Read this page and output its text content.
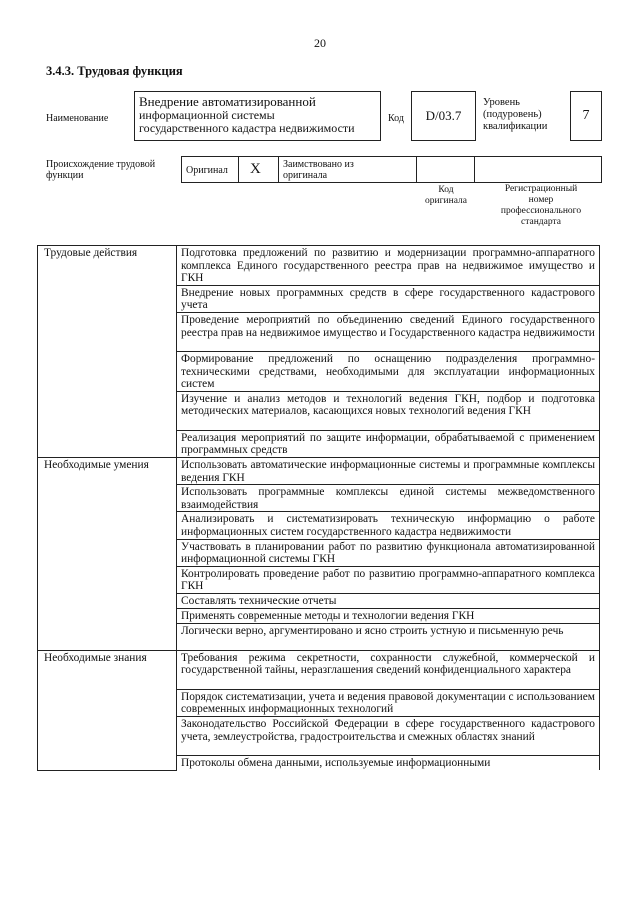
20
3.4.3. Трудовая функция
Наименование
Внедрение автоматизированной
информационной системы
государственного кадастра недвижимости
Код	D/03.7
Уровень
(подуровень)
квалификации
7
Происхождение трудовой
функции	Оригинал X Заимствовано из
оригинала
Код
оригинала
Регистрационный
номер
профессионального
стандарта
Трудовые действия	Подготовка предложений по развитию и модернизации программно-аппаратного комплекса Единого государственного реестра прав на недвижимое имущество и ГКН
	Внедрение новых программных средств в сфере государственного кадастрового учета
	Проведение мероприятий по объединению сведений Единого государственного реестра прав на недвижимое имущество и Государственного кадастра недвижимости
	Формирование предложений по оснащению подразделения программно-техническими средствами, необходимыми для эксплуатации информационных систем
	Изучение и анализ методов и технологий ведения ГКН, подбор и подготовка методических материалов, касающихся новых технологий ведения ГКН
	Реализация мероприятий по защите информации, обрабатываемой с применением программных средств
Необходимые умения	Использовать автоматические информационные системы и программные комплексы ведения ГКН
	Использовать программные комплексы единой системы межведомственного взаимодействия
	Анализировать и систематизировать техническую информацию о работе информационных систем государственного кадастра недвижимости
	Участвовать в планировании работ по развитию функционала автоматизированной информационной системы ГКН
	Контролировать проведение работ по развитию программно-аппаратного комплекса ГКН
	Составлять технические отчеты
	Применять современные методы и технологии ведения ГКН
	Логически верно, аргументировано и ясно строить устную и письменную речь
Необходимые знания	Требования режима секретности, сохранности служебной, коммерческой и государственной тайны, неразглашения сведений конфиденциального характера
	Порядок систематизации, учета и ведения правовой документации с использованием современных информационных технологий
	Законодательство Российской Федерации в сфере государственного кадастрового учета, землеустройства, градостроительства и смежных областях знаний
	Протоколы обмена данными, используемые информационными
